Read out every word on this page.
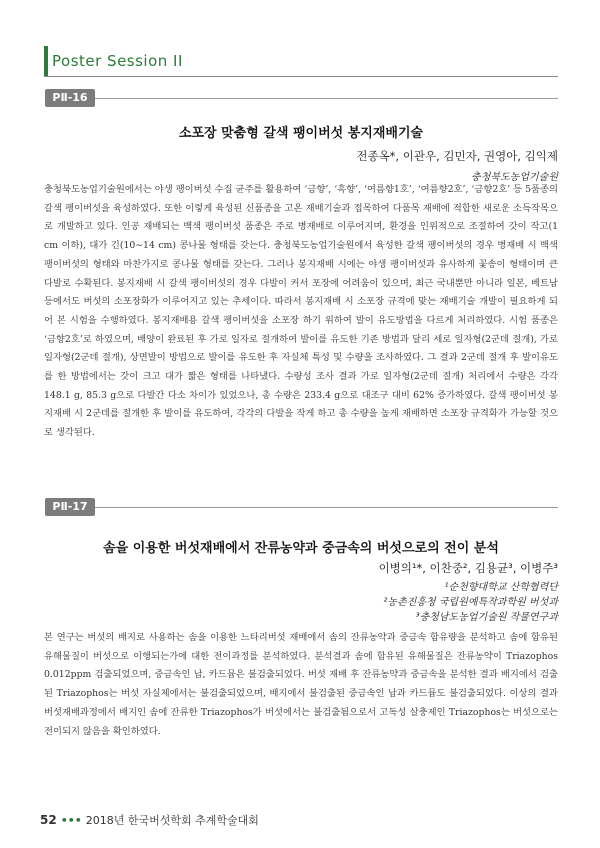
Poster Session II
PⅡ-16
소포장 맞춤형 갈색 팽이버섯 봉지재배기술
전종옥*, 이관우, 김민자, 권영아, 김익제
충청북도농업기술원

충청북도농업기술원에서는 야생 팽이버섯 수집 균주를 활용하여 ‘금향’, ‘흑향’, ‘여름향1호’, ‘여름향2호’, ‘금향2호’ 등 5품종의 갈색 팽이버섯을 육성하였다. 또한 이렇게 육성된 신품종을 고온 재배기술과 접목하여 다품목 재배에 적합한 새로운 소득작목으로 개발하고 있다. 인공 재배되는 백색 팽이버섯 품종은 주로 병재배로 이루어지며, 환경을 인위적으로 조절하여 갓이 작고(1 cm 이하), 대가 긴(10∼14 cm) 콩나물 형태를 갖는다. 충청북도농업기술원에서 육성한 갈색 팽이버섯의 경우 병재배 시 백색 팽이버섯의 형태와 마찬가지로 콩나물 형태를 갖는다. 그러나 봉지재배 시에는 야생 팽이버섯과 유사하게 꽃송이 형태이며 큰 다발로 수확된다. 봉지재배 시 갈색 팽이버섯의 경우 다발이 커서 포장에 어려움이 있으며, 최근 국내뿐만 아니라 일본, 베트남 등에서도 버섯의 소포장화가 이루어지고 있는 추세이다. 따라서 봉지재배 시 소포장 규격에 맞는 재배기술 개발이 필요하게 되어 본 시험을 수행하였다. 봉지재배용 갈색 팽이버섯을 소포장 하기 위하여 발이 유도방법을 다르게 처리하였다. 시험 품종은 ‘금향2호’로 하였으며, 배양이 완료된 후 가로 일자로 절개하여 발이를 유도한 기존 방법과 달리 세로 일자형(2군데 절개), 가로 일자형(2군데 절개), 상면발이 방법으로 발이를 유도한 후 자실체 특성 및 수량을 조사하였다. 그 결과 2군데 절개 후 발이유도를 한 방법에서는 갓이 크고 대가 짧은 형태를 나타냈다. 수량성 조사 결과 가로 일자형(2군데 절개) 처리에서 수량은 각각 148.1 g, 85.3 g으로 다발간 다소 차이가 있었으나, 총 수량은 233.4 g으로 대조구 대비 62% 증가하였다. 갈색 팽이버섯 봉지재배 시 2군데를 절개한 후 발이를 유도하여, 각각의 다발을 작게 하고 총 수량을 높게 재배하면 소포장 규격화가 가능할 것으로 생각된다.

PⅡ-17
솜을 이용한 버섯재배에서 잔류농약과 중금속의 버섯으로의 전이 분석
이병의¹*, 이찬중², 김용균³, 이병주³
¹순천향대학교 산학협력단
²농촌진흥청 국립원예특작과학원 버섯과
³충청남도농업기술원 작물연구과

본 연구는 버섯의 배지로 사용하는 솜을 이용한 느타리버섯 재배에서 솜의 잔류농약과 중금속 함유량을 분석하고 솜에 함유된 유해물질이 버섯으로 이행되는가에 대한 전이과정를 분석하였다. 분석결과 솜에 함유된 유해물질은 잔류농약이 Triazophos 0.012ppm 검출되었으며, 중금속인 납, 카드뮴은 불검출되었다. 버섯 재배 후 잔류농약과 중금속을 분석한 결과 배지에서 검출된 Triazophos는 버섯 자실체에서는 불검출되었으며, 배지에서 불검출된 중금속인 납과 카드뮴도 불검출되었다. 이상의 결과 버섯재배과정에서 배지인 솜에 잔류한 Triazophos가 버섯에서는 불검출됨으로서 고독성 살충제인 Triazophos는 버섯으로는 전이되지 않음을 확인하였다.

52 ••• 2018년 한국버섯학회 추계학술대회
